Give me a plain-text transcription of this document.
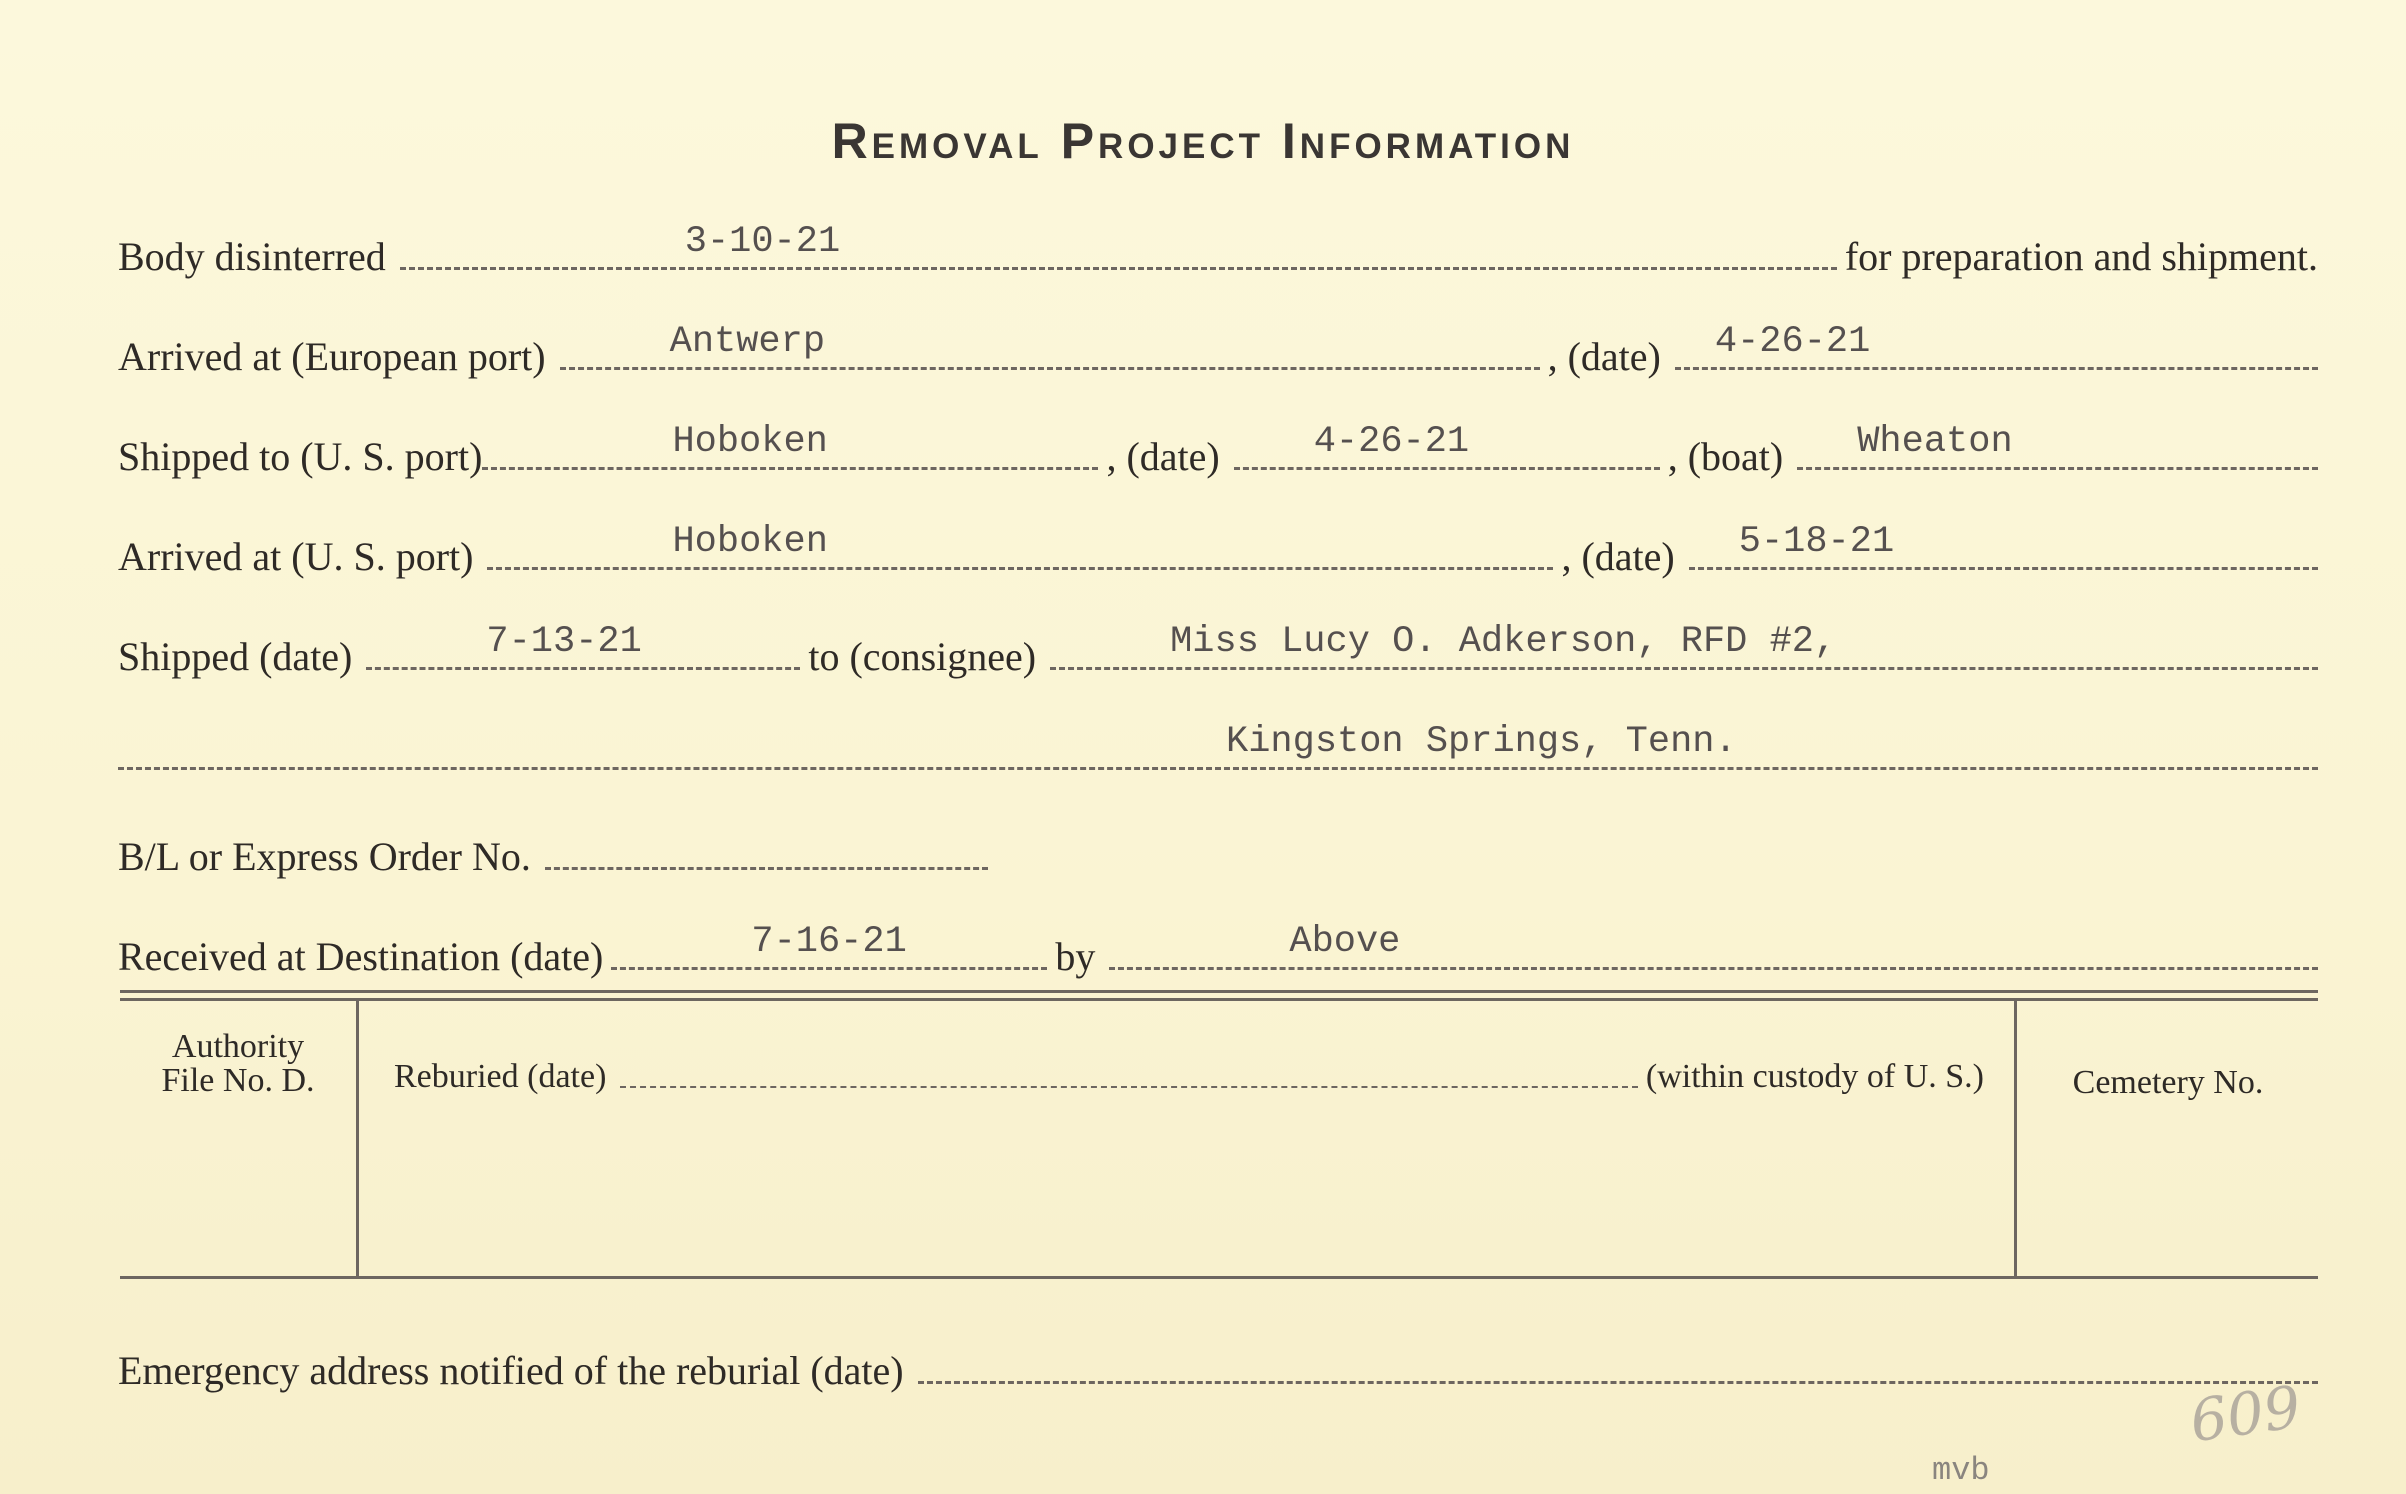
Removal Project Information
Body disinterred	3-10-21	for preparation and shipment.
Arrived at (European port)	Antwerp	, (date)	4-26-21
Shipped to (U. S. port)	Hoboken	, (date)	4-26-21	, (boat)	Wheaton
Arrived at (U. S. port)	Hoboken	, (date)	5-18-21
Shipped (date)	7-13-21	to (consignee)	Miss Lucy O. Adkerson, RFD #2,
Kingston Springs, Tenn.
B/L or Express Order No.
Received at Destination (date)	7-16-21	by	Above
Authority
File No. D.	Reburied (date)	(within custody of U. S.)	Cemetery No.
Emergency address notified of the reburial (date)
609
mvb
